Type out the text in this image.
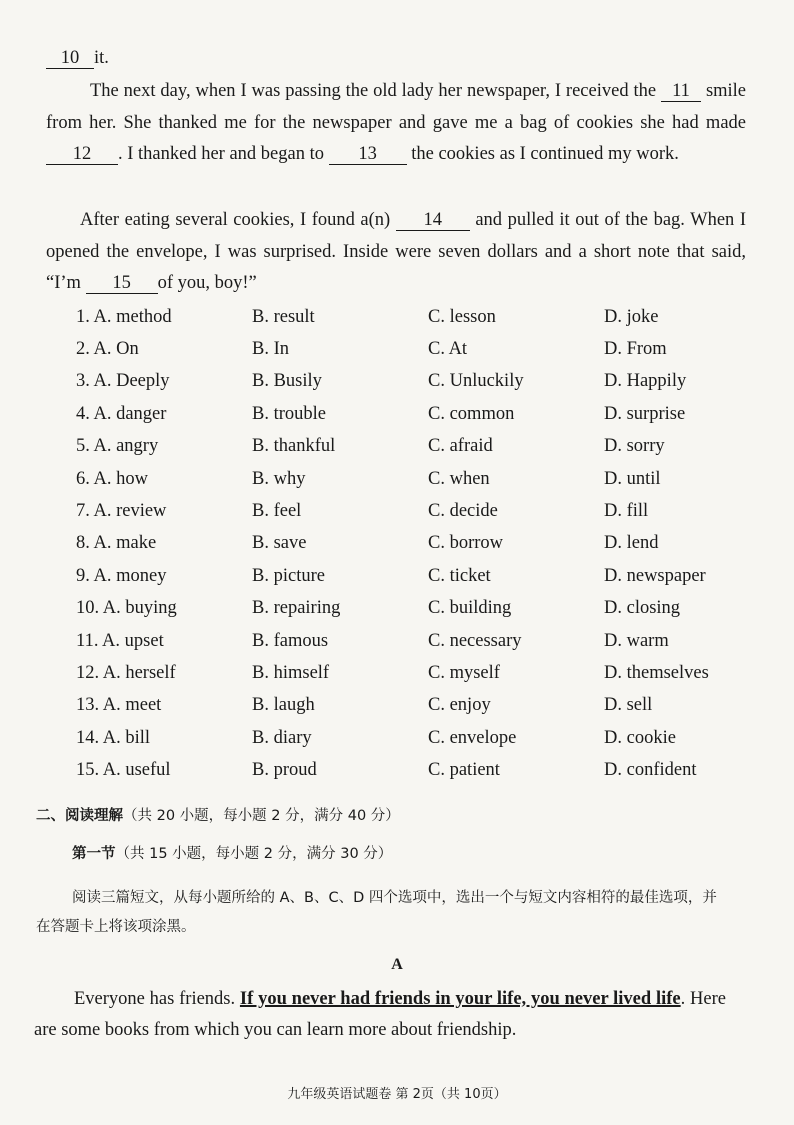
10 it.
The next day, when I was passing the old lady her newspaper, I received the 11 smile from her. She thanked me for the newspaper and gave me a bag of cookies she had made12 . I thanked her and began to 13 the cookies as I continued my work.
After eating several cookies, I found a(n) 14 and pulled it out of the bag. When I opened the envelope, I was surprised. Inside were seven dollars and a short note that said, “I’m 15 of you, boy!”
1. A. method	B. result	C. lesson	D. joke
2. A. On	B. In	C. At	D. From
3. A. Deeply	B. Busily	C. Unluckily	D. Happily
4. A. danger	B. trouble	C. common	D. surprise
5. A. angry	B. thankful	C. afraid	D. sorry
6. A. how	B. why	C. when	D. until
7. A. review	B. feel	C. decide	D. fill
8. A. make	B. save	C. borrow	D. lend
9. A. money	B. picture	C. ticket	D. newspaper
10. A. buying	B. repairing	C. building	D. closing
11. A. upset	B. famous	C. necessary	D. warm
12. A. herself	B. himself	C. myself	D. themselves
13. A. meet	B. laugh	C. enjoy	D. sell
14. A. bill	B. diary	C. envelope	D. cookie
15. A. useful	B. proud	C. patient	D. confident
二、阅读理解（共 20 小题，每小题 2 分，满分 40 分）
第一节（共 15 小题，每小题 2 分，满分 30 分）
阅读三篇短文，从每小题所给的 A、B、C、D 四个选项中，选出一个与短文内容相符的最佳选项，并在答题卡上将该项涂黑。
A
Everyone has friends. If you never had friends in your life, you never lived life. Here are some books from which you can learn more about friendship.
九年级英语试题卷 第 2页（共 10页）
